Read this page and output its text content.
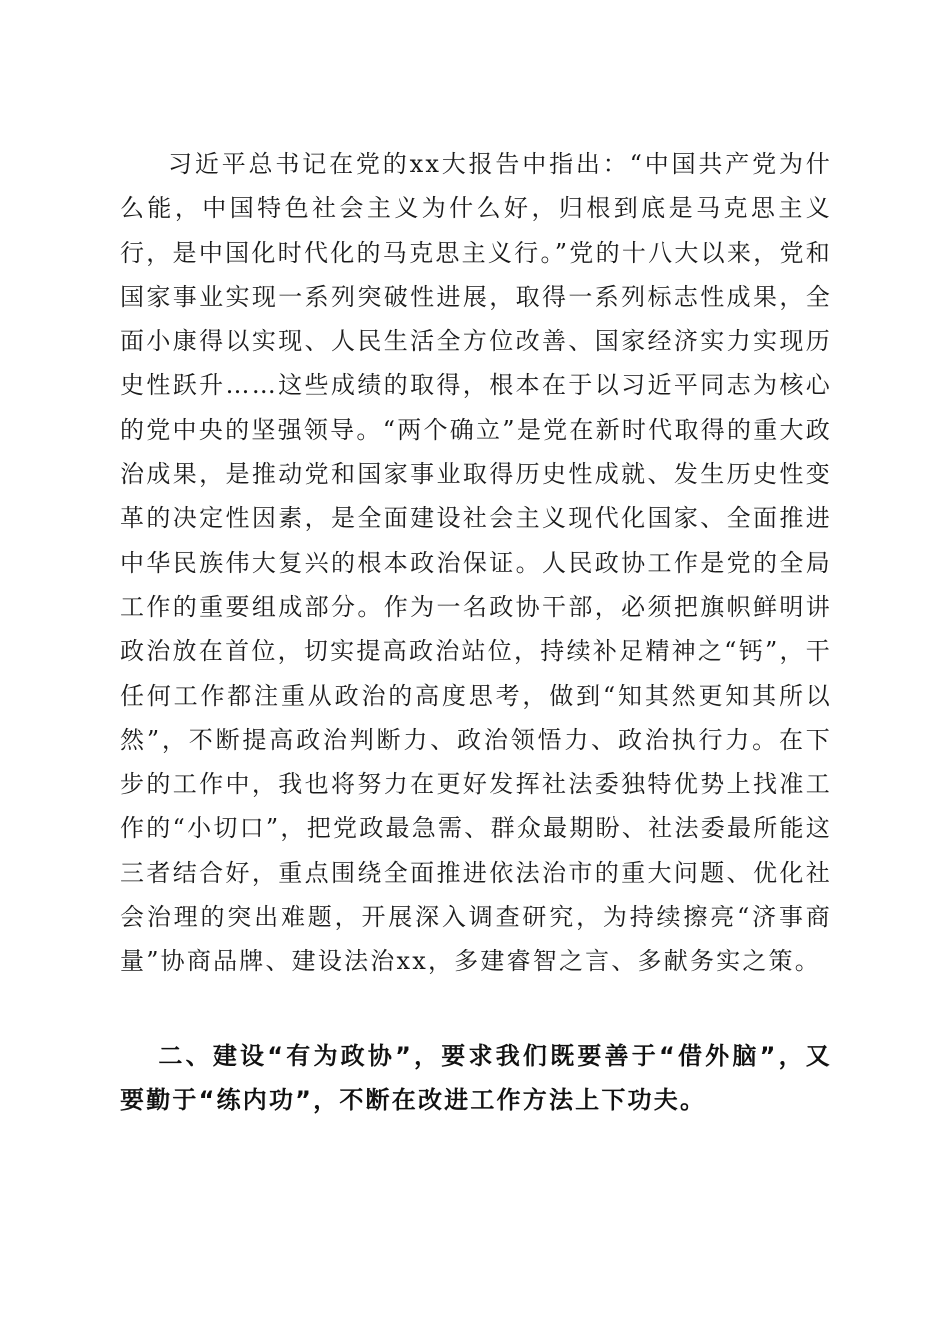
习近平总书记在党的xx大报告中指出：“中国共产党为什么能，中国特色社会主义为什么好，归根到底是马克思主义行，是中国化时代化的马克思主义行。”党的十八大以来，党和国家事业实现一系列突破性进展，取得一系列标志性成果，全面小康得以实现、人民生活全方位改善、国家经济实力实现历史性跃升……这些成绩的取得，根本在于以习近平同志为核心的党中央的坚强领导。“两个确立”是党在新时代取得的重大政治成果，是推动党和国家事业取得历史性成就、发生历史性变革的决定性因素，是全面建设社会主义现代化国家、全面推进中华民族伟大复兴的根本政治保证。人民政协工作是党的全局工作的重要组成部分。作为一名政协干部，必须把旗帜鲜明讲政治放在首位，切实提高政治站位，持续补足精神之“钙”，干任何工作都注重从政治的高度思考，做到“知其然更知其所以然”，不断提高政治判断力、政治领悟力、政治执行力。在下步的工作中，我也将努力在更好发挥社法委独特优势上找准工作的“小切口”，把党政最急需、群众最期盼、社法委最所能这三者结合好，重点围绕全面推进依法治市的重大问题、优化社会治理的突出难题，开展深入调查研究，为持续擦亮“济事商量”协商品牌、建设法治xx，多建睿智之言、多献务实之策。

二、建设“有为政协”，要求我们既要善于“借外脑”，又要勤于“练内功”，不断在改进工作方法上下功夫。
